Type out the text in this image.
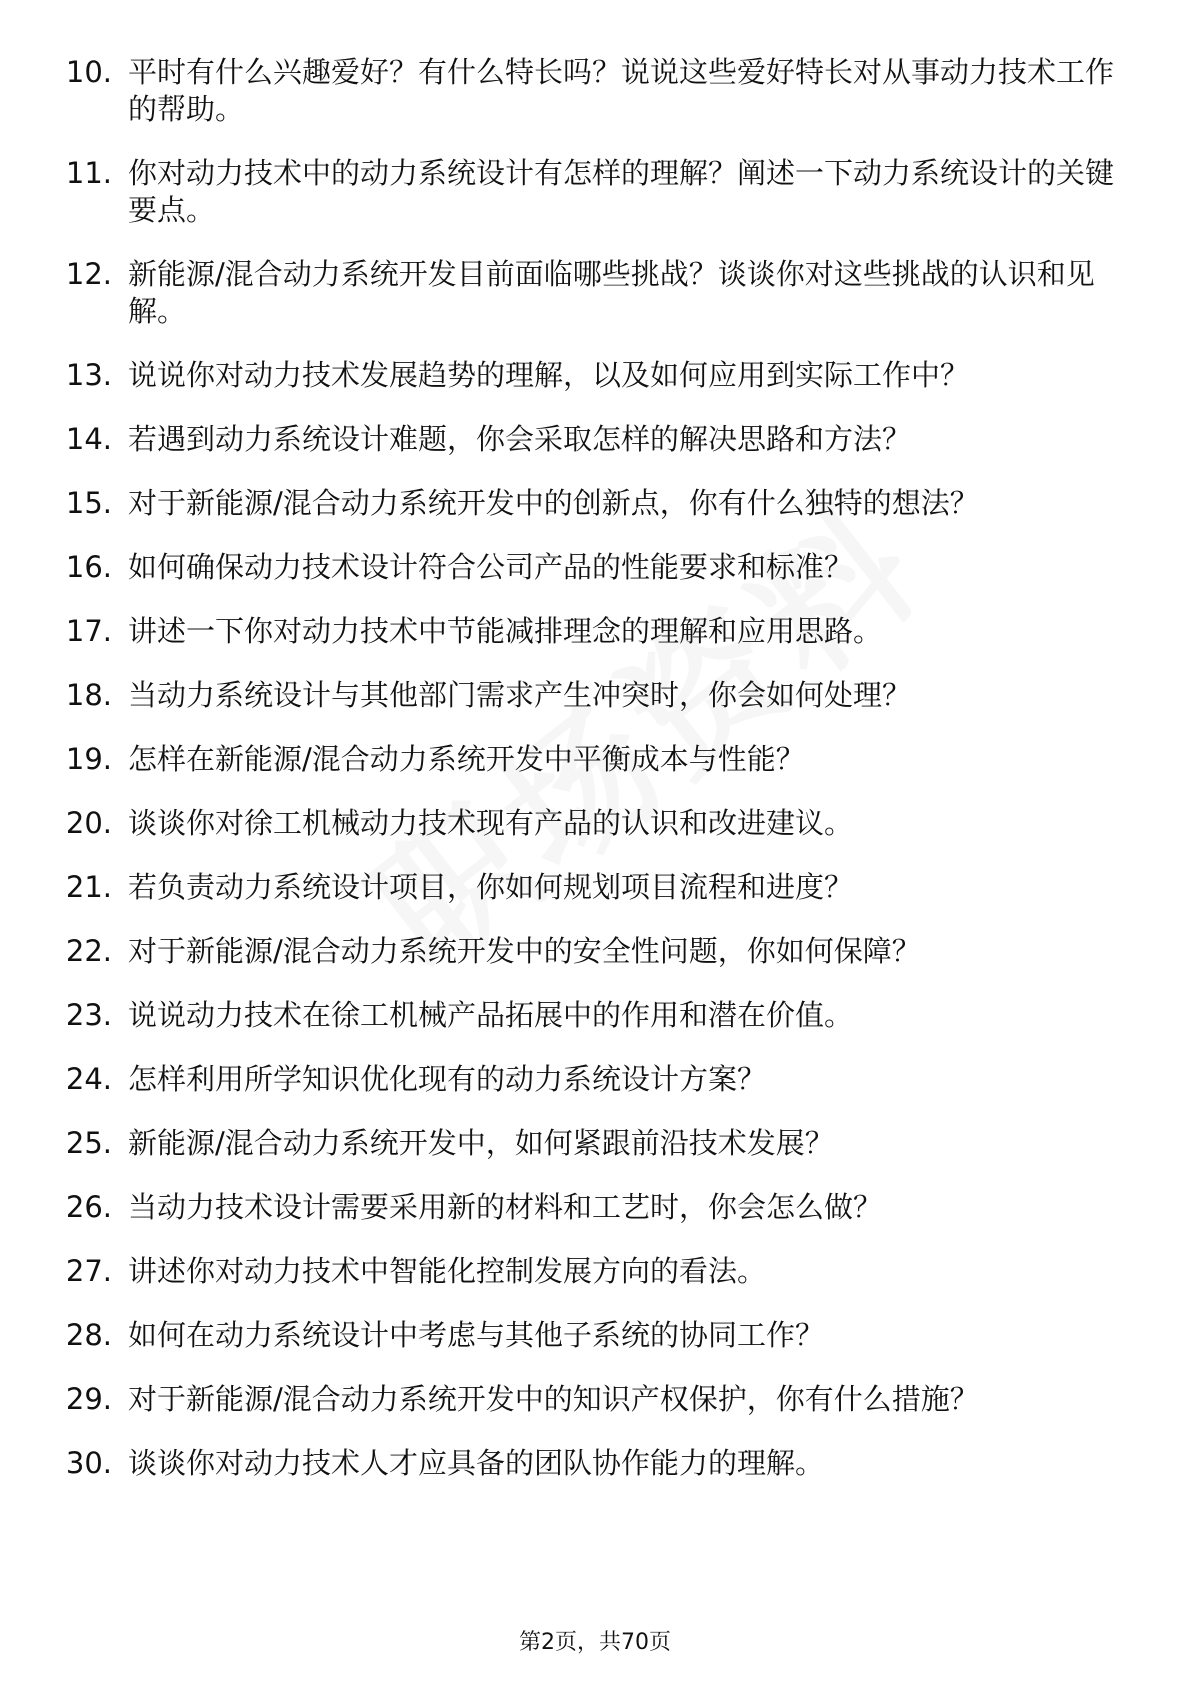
10. 平时有什么兴趣爱好？有什么特长吗？说说这些爱好特长对从事动力技术工作的帮助。
11. 你对动力技术中的动力系统设计有怎样的理解？阐述一下动力系统设计的关键要点。
12. 新能源/混合动力系统开发目前面临哪些挑战？谈谈你对这些挑战的认识和见解。
13. 说说你对动力技术发展趋势的理解，以及如何应用到实际工作中？
14. 若遇到动力系统设计难题，你会采取怎样的解决思路和方法？
15. 对于新能源/混合动力系统开发中的创新点，你有什么独特的想法？
16. 如何确保动力技术设计符合公司产品的性能要求和标准？
17. 讲述一下你对动力技术中节能减排理念的理解和应用思路。
18. 当动力系统设计与其他部门需求产生冲突时，你会如何处理？
19. 怎样在新能源/混合动力系统开发中平衡成本与性能？
20. 谈谈你对徐工机械动力技术现有产品的认识和改进建议。
21. 若负责动力系统设计项目，你如何规划项目流程和进度？
22. 对于新能源/混合动力系统开发中的安全性问题，你如何保障？
23. 说说动力技术在徐工机械产品拓展中的作用和潜在价值。
24. 怎样利用所学知识优化现有的动力系统设计方案？
25. 新能源/混合动力系统开发中，如何紧跟前沿技术发展？
26. 当动力技术设计需要采用新的材料和工艺时，你会怎么做？
27. 讲述你对动力技术中智能化控制发展方向的看法。
28. 如何在动力系统设计中考虑与其他子系统的协同工作？
29. 对于新能源/混合动力系统开发中的知识产权保护，你有什么措施？
30. 谈谈你对动力技术人才应具备的团队协作能力的理解。
第2页，共70页
